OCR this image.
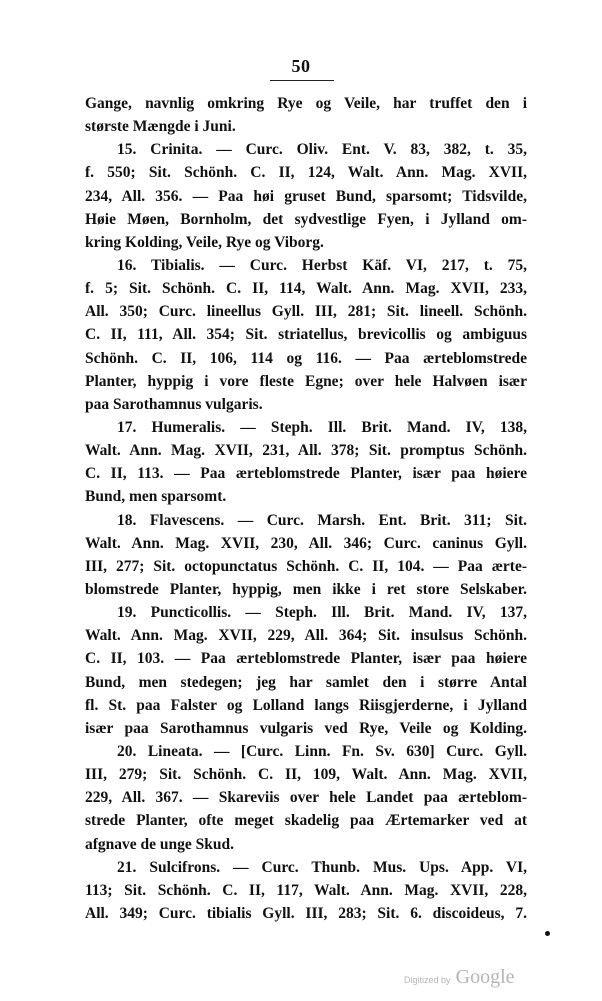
50
Gange, navnlig omkring Rye og Veile, har truffet den i
største Mængde i Juni.
15. Crinita. — Curc. Oliv. Ent. V. 83, 382, t. 35,
f. 550; Sit. Schönh. C. II, 124, Walt. Ann. Mag. XVII,
234, All. 356. — Paa høi gruset Bund, sparsomt; Tidsvilde,
Høie Møen, Bornholm, det sydvestlige Fyen, i Jylland om-
kring Kolding, Veile, Rye og Viborg.
16. Tibialis. — Curc. Herbst Käf. VI, 217, t. 75,
f. 5; Sit. Schönh. C. II, 114, Walt. Ann. Mag. XVII, 233,
All. 350; Curc. lineellus Gyll. III, 281; Sit. lineell. Schönh.
C. II, 111, All. 354; Sit. striatellus, brevicollis og ambiguus
Schönh. C. II, 106, 114 og 116. — Paa ærteblomstrede
Planter, hyppig i vore fleste Egne; over hele Halvøen især
paa Sarothamnus vulgaris.
17. Humeralis. — Steph. Ill. Brit. Mand. IV, 138,
Walt. Ann. Mag. XVII, 231, All. 378; Sit. promptus Schönh.
C. II, 113. — Paa ærteblomstrede Planter, især paa høiere
Bund, men sparsomt.
18. Flavescens. — Curc. Marsh. Ent. Brit. 311; Sit.
Walt. Ann. Mag. XVII, 230, All. 346; Curc. caninus Gyll.
III, 277; Sit. octopunctatus Schönh. C. II, 104. — Paa ærte-
blomstrede Planter, hyppig, men ikke i ret store Selskaber.
19. Puncticollis. — Steph. Ill. Brit. Mand. IV, 137,
Walt. Ann. Mag. XVII, 229, All. 364; Sit. insulsus Schönh.
C. II, 103. — Paa ærteblomstrede Planter, især paa høiere
Bund, men stedegen; jeg har samlet den i større Antal
fl. St. paa Falster og Lolland langs Riisgjerderne, i Jylland
især paa Sarothamnus vulgaris ved Rye, Veile og Kolding.
20. Lineata. — [Curc. Linn. Fn. Sv. 630] Curc. Gyll.
III, 279; Sit. Schönh. C. II, 109, Walt. Ann. Mag. XVII,
229, All. 367. — Skareviis over hele Landet paa ærteblom-
strede Planter, ofte meget skadelig paa Ærtemarker ved at
afgnave de unge Skud.
21. Sulcifrons. — Curc. Thunb. Mus. Ups. App. VI,
113; Sit. Schönh. C. II, 117, Walt. Ann. Mag. XVII, 228,
All. 349; Curc. tibialis Gyll. III, 283; Sit. 6. discoideus, 7.
Digitized by Google
